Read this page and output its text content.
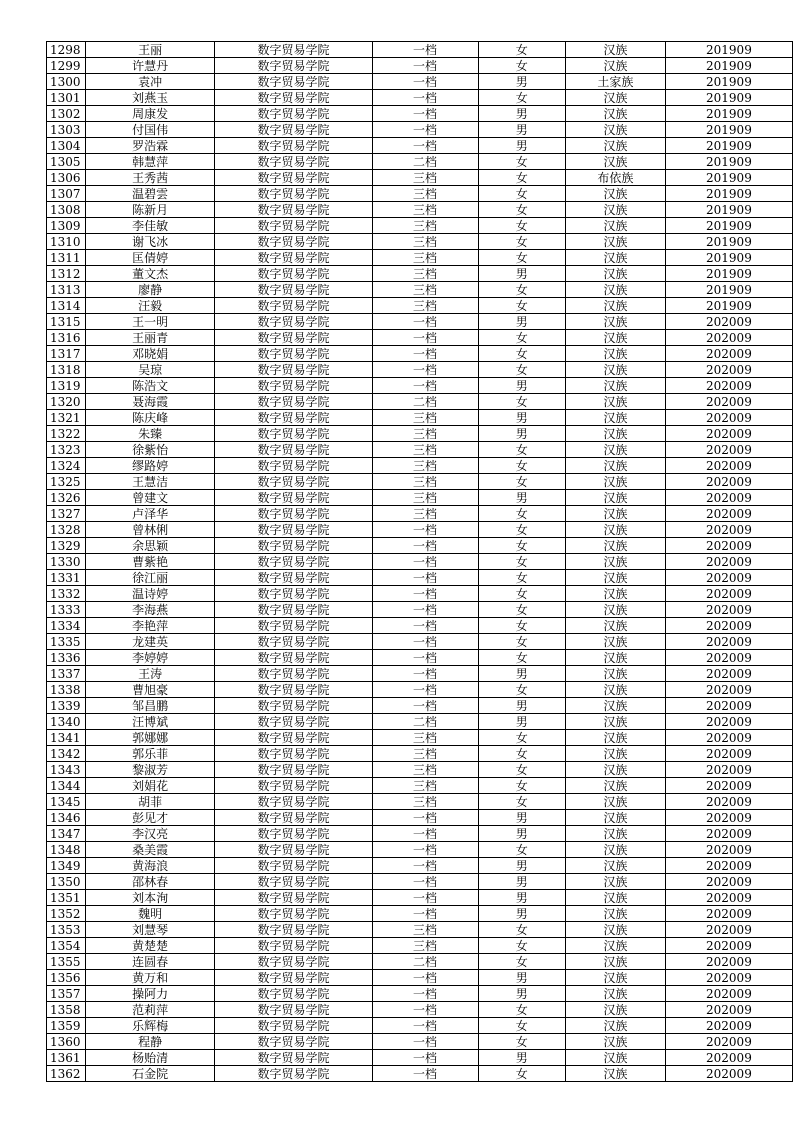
1298	王丽	数字贸易学院	一档	女	汉族	201909
1299	许慧丹	数字贸易学院	一档	女	汉族	201909
1300	袁冲	数字贸易学院	一档	男	土家族	201909
1301	刘燕玉	数字贸易学院	一档	女	汉族	201909
1302	周康发	数字贸易学院	一档	男	汉族	201909
1303	付国伟	数字贸易学院	一档	男	汉族	201909
1304	罗浩霖	数字贸易学院	一档	男	汉族	201909
1305	韩慧萍	数字贸易学院	二档	女	汉族	201909
1306	王秀茜	数字贸易学院	三档	女	布依族	201909
1307	温碧雲	数字贸易学院	三档	女	汉族	201909
1308	陈新月	数字贸易学院	三档	女	汉族	201909
1309	李佳敏	数字贸易学院	三档	女	汉族	201909
1310	谢飞冰	数字贸易学院	三档	女	汉族	201909
1311	匡倩婷	数字贸易学院	三档	女	汉族	201909
1312	董文杰	数字贸易学院	三档	男	汉族	201909
1313	廖静	数字贸易学院	三档	女	汉族	201909
1314	汪毅	数字贸易学院	三档	女	汉族	201909
1315	王一明	数字贸易学院	一档	男	汉族	202009
1316	王丽青	数字贸易学院	一档	女	汉族	202009
1317	邓晓娟	数字贸易学院	一档	女	汉族	202009
1318	吴琼	数字贸易学院	一档	女	汉族	202009
1319	陈浩文	数字贸易学院	一档	男	汉族	202009
1320	聂海霞	数字贸易学院	二档	女	汉族	202009
1321	陈庆峰	数字贸易学院	三档	男	汉族	202009
1322	朱臻	数字贸易学院	三档	男	汉族	202009
1323	徐紫怡	数字贸易学院	三档	女	汉族	202009
1324	缪路婷	数字贸易学院	三档	女	汉族	202009
1325	王慧洁	数字贸易学院	三档	女	汉族	202009
1326	曾建文	数字贸易学院	三档	男	汉族	202009
1327	卢泽华	数字贸易学院	三档	女	汉族	202009
1328	曾林俐	数字贸易学院	一档	女	汉族	202009
1329	余思颖	数字贸易学院	一档	女	汉族	202009
1330	曹紫艳	数字贸易学院	一档	女	汉族	202009
1331	徐江丽	数字贸易学院	一档	女	汉族	202009
1332	温诗婷	数字贸易学院	一档	女	汉族	202009
1333	李海燕	数字贸易学院	一档	女	汉族	202009
1334	李艳萍	数字贸易学院	一档	女	汉族	202009
1335	龙建英	数字贸易学院	一档	女	汉族	202009
1336	李婷婷	数字贸易学院	一档	女	汉族	202009
1337	王涛	数字贸易学院	一档	男	汉族	202009
1338	曹旭豪	数字贸易学院	一档	女	汉族	202009
1339	邹昌鹏	数字贸易学院	一档	男	汉族	202009
1340	汪博斌	数字贸易学院	二档	男	汉族	202009
1341	郭娜娜	数字贸易学院	三档	女	汉族	202009
1342	郭乐菲	数字贸易学院	三档	女	汉族	202009
1343	黎淑芳	数字贸易学院	三档	女	汉族	202009
1344	刘娟花	数字贸易学院	三档	女	汉族	202009
1345	胡菲	数字贸易学院	三档	女	汉族	202009
1346	彭见才	数字贸易学院	一档	男	汉族	202009
1347	李汉亮	数字贸易学院	一档	男	汉族	202009
1348	桑美霞	数字贸易学院	一档	女	汉族	202009
1349	黄海浪	数字贸易学院	一档	男	汉族	202009
1350	邵林春	数字贸易学院	一档	男	汉族	202009
1351	刘本洵	数字贸易学院	一档	男	汉族	202009
1352	魏明	数字贸易学院	一档	男	汉族	202009
1353	刘慧琴	数字贸易学院	三档	女	汉族	202009
1354	黄楚楚	数字贸易学院	三档	女	汉族	202009
1355	连圆春	数字贸易学院	二档	女	汉族	202009
1356	黄万和	数字贸易学院	一档	男	汉族	202009
1357	操阿力	数字贸易学院	一档	男	汉族	202009
1358	范莉萍	数字贸易学院	一档	女	汉族	202009
1359	乐辉梅	数字贸易学院	一档	女	汉族	202009
1360	程静	数字贸易学院	一档	女	汉族	202009
1361	杨贻清	数字贸易学院	一档	男	汉族	202009
1362	石金院	数字贸易学院	一档	女	汉族	202009
